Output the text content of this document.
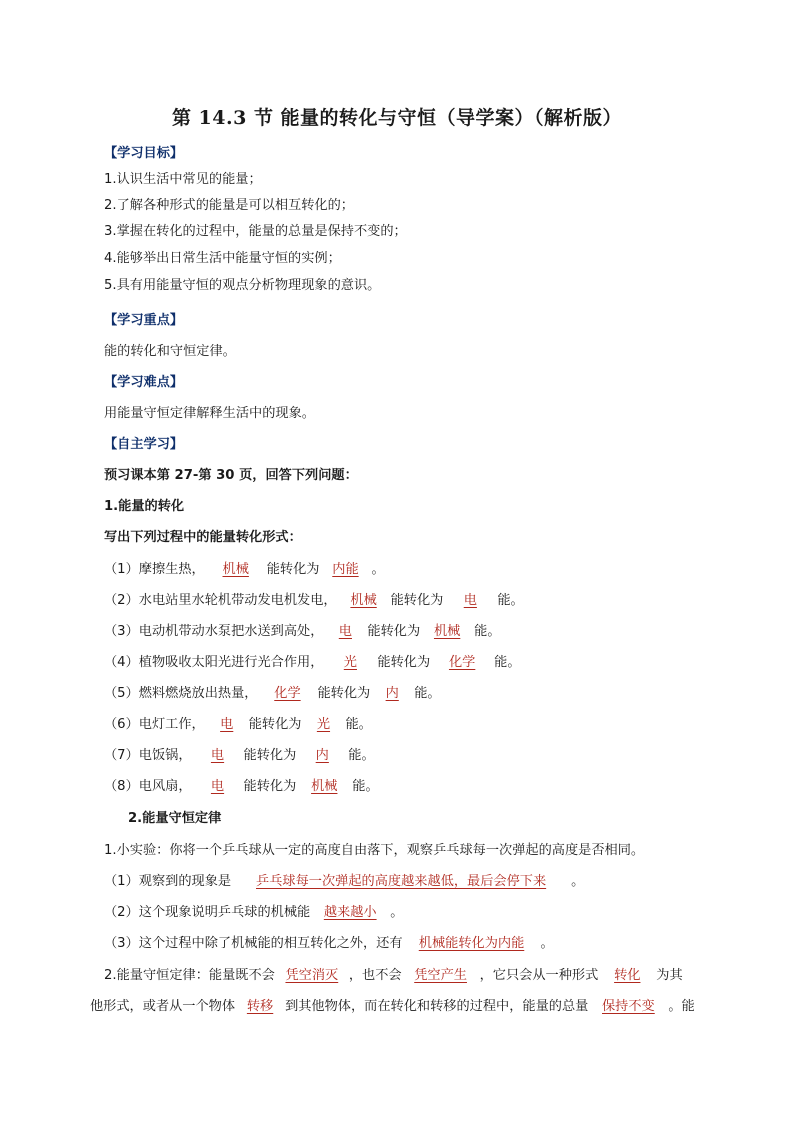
第 14.3 节 能量的转化与守恒（导学案）（解析版）
【学习目标】
1.认识生活中常见的能量；
2.了解各种形式的能量是可以相互转化的；
3.掌握在转化的过程中，能量的总量是保持不变的；
4.能够举出日常生活中能量守恒的实例；
5.具有用能量守恒的观点分析物理现象的意识。
【学习重点】
能的转化和守恒定律。
【学习难点】
用能量守恒定律解释生活中的现象。
【自主学习】
预习课本第 27-第 30 页，回答下列问题：
1.能量的转化
写出下列过程中的能量转化形式：
（1）摩擦生热， 机械 能转化为 内能 。
（2）水电站里水轮机带动发电机发电， 机械 能转化为 电 能。
（3）电动机带动水泵把水送到高处， 电 能转化为 机械 能。
（4）植物吸收太阳光进行光合作用， 光 能转化为 化学 能。
（5）燃料燃烧放出热量， 化学 能转化为 内 能。
（6）电灯工作， 电 能转化为 光 能。
（7）电饭锅， 电 能转化为 内 能。
（8）电风扇， 电 能转化为 机械 能。
2.能量守恒定律
1.小实验：你将一个乒乓球从一定的高度自由落下，观察乒乓球每一次弹起的高度是否相同。
（1）观察到的现象是 乒乓球每一次弹起的高度越来越低，最后会停下来 。
（2）这个现象说明乒乓球的机械能 越来越小 。
（3）这个过程中除了机械能的相互转化之外，还有 机械能转化为内能 。
2.能量守恒定律：能量既不会 凭空消灭 ，也不会 凭空产生 ，它只会从一种形式 转化 为其
他形式，或者从一个物体 转移 到其他物体，而在转化和转移的过程中，能量的总量 保持不变 。能
